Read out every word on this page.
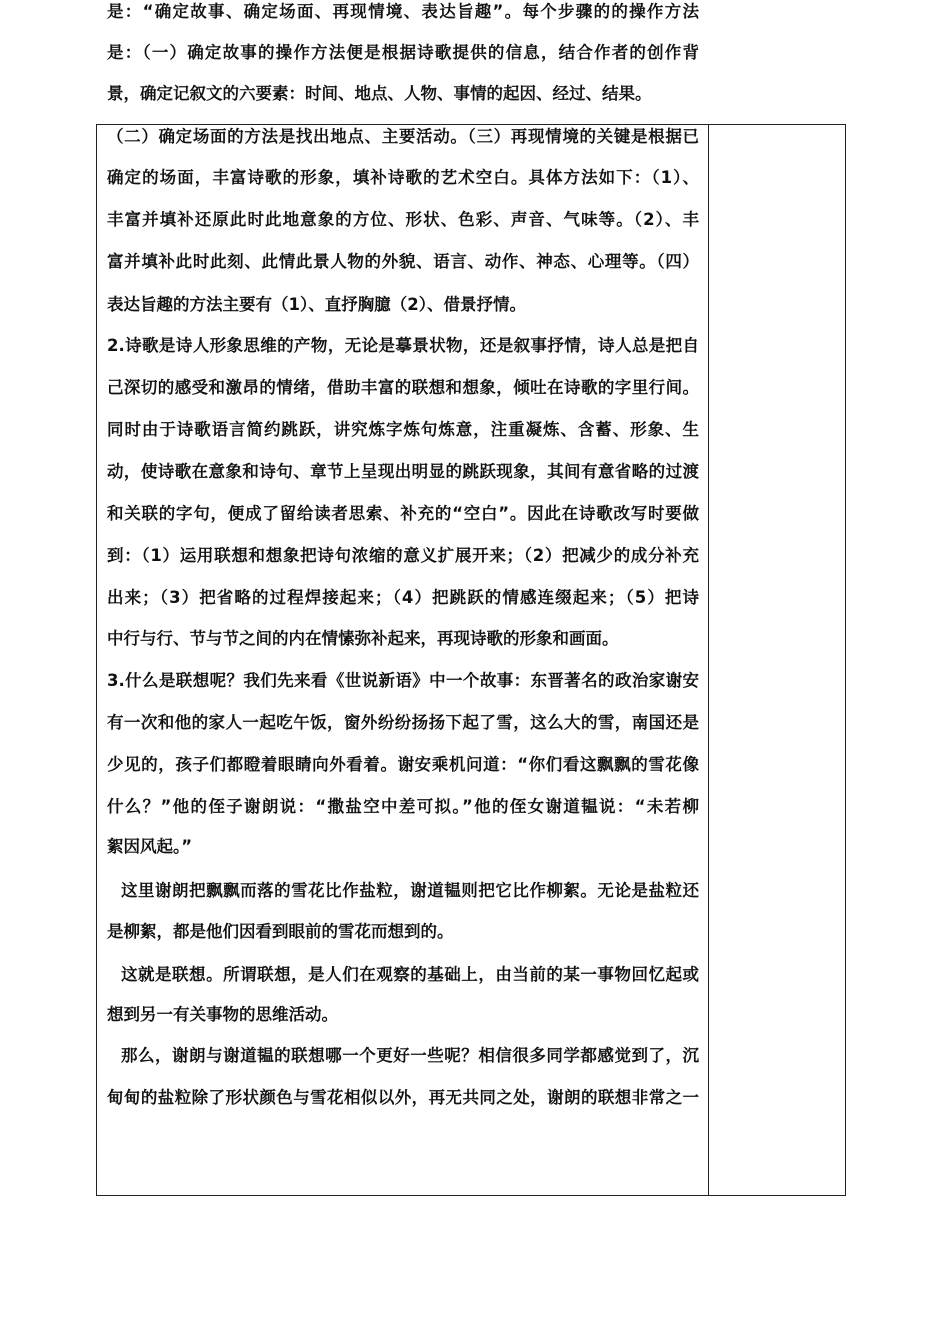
是：“确定故事、确定场面、再现情境、表达旨趣”。每个步骤的的操作方法
是：（一）确定故事的操作方法便是根据诗歌提供的信息，结合作者的创作背
景，确定记叙文的六要素：时间、地点、人物、事情的起因、经过、结果。
（二）确定场面的方法是找出地点、主要活动。（三）再现情境的关键是根据已
确定的场面，丰富诗歌的形象，填补诗歌的艺术空白。具体方法如下：（1）、
丰富并填补还原此时此地意象的方位、形状、色彩、声音、气味等。（2）、丰
富并填补此时此刻、此情此景人物的外貌、语言、动作、神态、心理等。（四）
表达旨趣的方法主要有（1）、直抒胸臆（2）、借景抒情。
2.诗歌是诗人形象思维的产物，无论是摹景状物，还是叙事抒情，诗人总是把自
己深切的感受和激昂的情绪，借助丰富的联想和想象，倾吐在诗歌的字里行间。
同时由于诗歌语言简约跳跃，讲究炼字炼句炼意，注重凝炼、含蓄、形象、生
动，使诗歌在意象和诗句、章节上呈现出明显的跳跃现象，其间有意省略的过渡
和关联的字句，便成了留给读者思索、补充的“空白”。因此在诗歌改写时要做
到：（1）运用联想和想象把诗句浓缩的意义扩展开来；（2）把减少的成分补充
出来；（3）把省略的过程焊接起来；（4）把跳跃的情感连缀起来；（5）把诗
中行与行、节与节之间的内在情愫弥补起来，再现诗歌的形象和画面。
3.什么是联想呢？我们先来看《世说新语》中一个故事：东晋著名的政治家谢安
有一次和他的家人一起吃午饭，窗外纷纷扬扬下起了雪，这么大的雪，南国还是
少见的，孩子们都瞪着眼睛向外看着。谢安乘机问道：“你们看这飘飘的雪花像
什么？”他的侄子谢朗说：“撒盐空中差可拟。”他的侄女谢道韫说：“未若柳
絮因风起。”
这里谢朗把飘飘而落的雪花比作盐粒，谢道韫则把它比作柳絮。无论是盐粒还
是柳絮，都是他们因看到眼前的雪花而想到的。
这就是联想。所谓联想，是人们在观察的基础上，由当前的某一事物回忆起或
想到另一有关事物的思维活动。
那么，谢朗与谢道韫的联想哪一个更好一些呢？相信很多同学都感觉到了，沉
甸甸的盐粒除了形状颜色与雪花相似以外，再无共同之处，谢朗的联想非常之一
